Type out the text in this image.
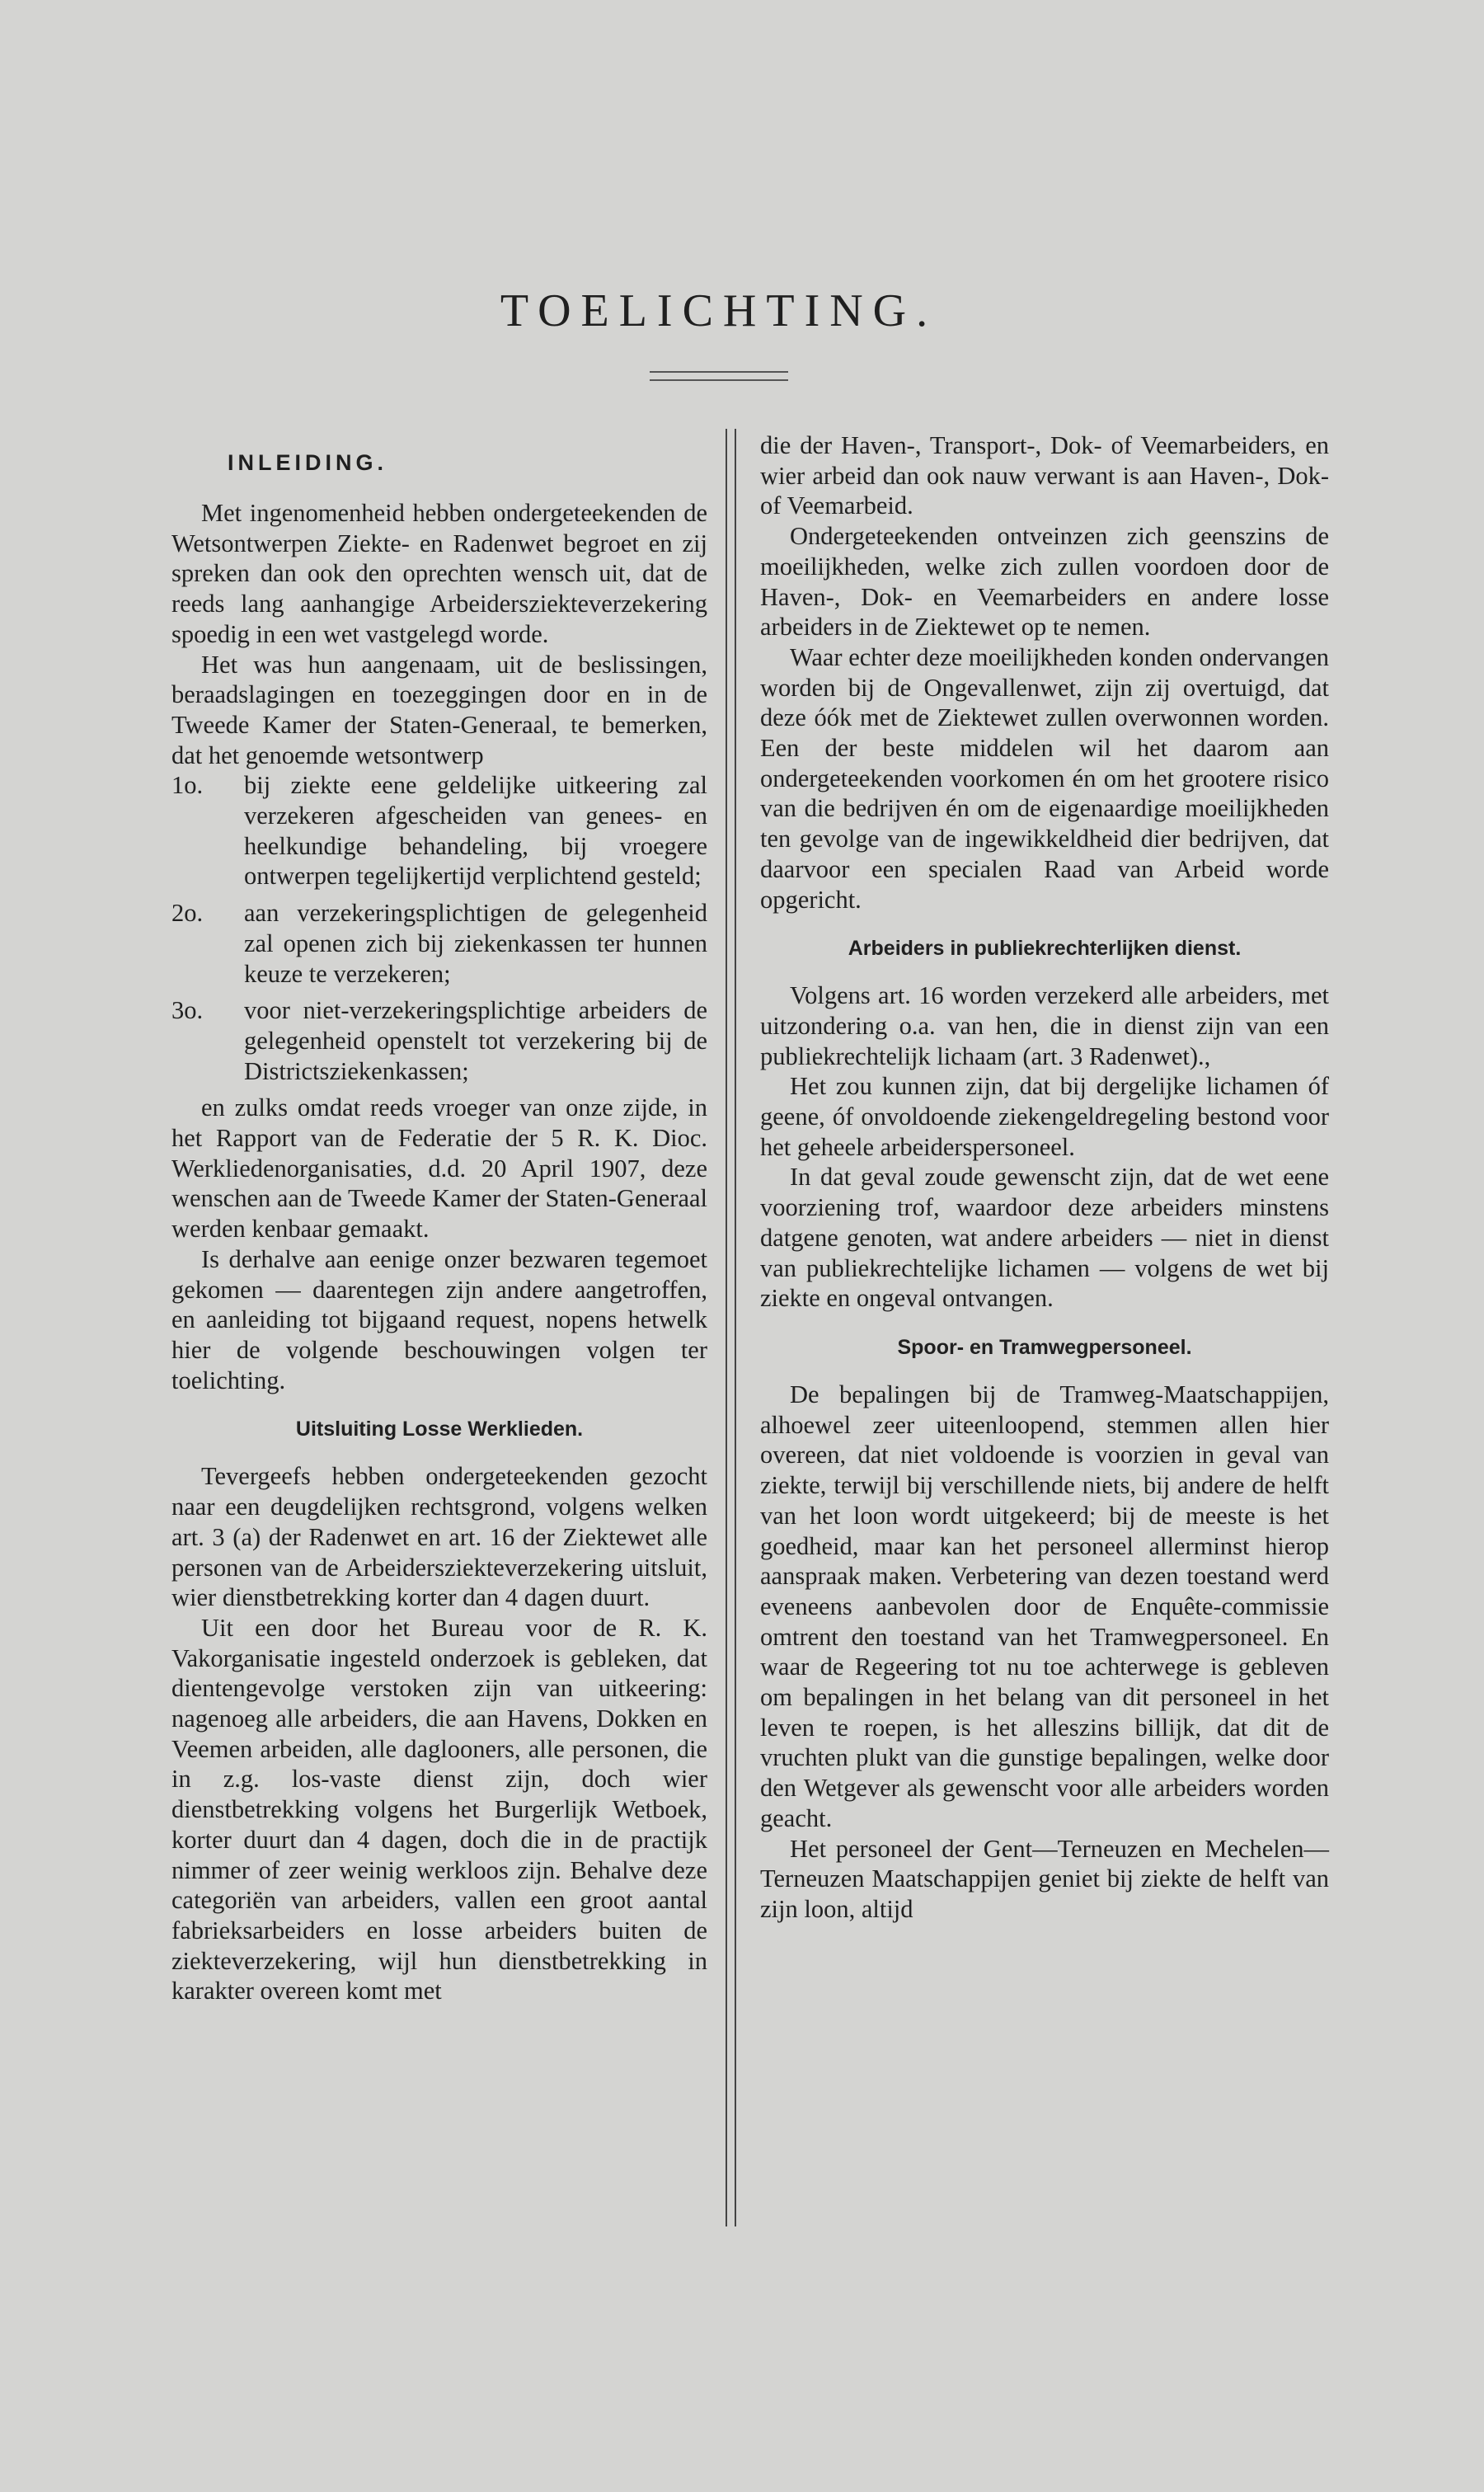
TOELICHTING.
INLEIDING.

Met ingenomenheid hebben ondergeteekenden de Wetsontwerpen Ziekte- en Radenwet begroet en zij spreken dan ook den oprechten wensch uit, dat de reeds lang aanhangige Arbeidersziekteverzekering spoedig in een wet vastgelegd worde.

Het was hun aangenaam, uit de beslissingen, beraadslagingen en toezeggingen door en in de Tweede Kamer der Staten-Generaal, te bemerken, dat het genoemde wetsontwerp

1o.	bij ziekte eene geldelijke uitkeering zal verzekeren afgescheiden van genees- en heelkundige behandeling, bij vroegere ontwerpen tegelijkertijd verplichtend gesteld;
2o.	aan verzekeringsplichtigen de gelegenheid zal openen zich bij ziekenkassen ter hunnen keuze te verzekeren;
3o.	voor niet-verzekeringsplichtige arbeiders de gelegenheid openstelt tot verzekering bij de Districtsziekenkassen;

en zulks omdat reeds vroeger van onze zijde, in het Rapport van de Federatie der 5 R. K. Dioc. Werkliedenorganisaties, d.d. 20 April 1907, deze wenschen aan de Tweede Kamer der Staten-Generaal werden kenbaar gemaakt.

Is derhalve aan eenige onzer bezwaren tegemoet gekomen — daarentegen zijn andere aangetroffen, en aanleiding tot bijgaand request, nopens hetwelk hier de volgende beschouwingen volgen ter toelichting.

Uitsluiting Losse Werklieden.

Tevergeefs hebben ondergeteekenden gezocht naar een deugdelijken rechtsgrond, volgens welken art. 3 (a) der Radenwet en art. 16 der Ziektewet alle personen van de Arbeidersziekteverzekering uitsluit, wier dienstbetrekking korter dan 4 dagen duurt.

Uit een door het Bureau voor de R. K. Vakorganisatie ingesteld onderzoek is gebleken, dat dientengevolge verstoken zijn van uitkeering: nagenoeg alle arbeiders, die aan Havens, Dokken en Veemen arbeiden, alle daglooners, alle personen, die in z.g. los-vaste dienst zijn, doch wier dienstbetrekking volgens het Burgerlijk Wetboek, korter duurt dan 4 dagen, doch die in de practijk nimmer of zeer weinig werkloos zijn. Behalve deze categoriën van arbeiders, vallen een groot aantal fabrieksarbeiders en losse arbeiders buiten de ziekteverzekering, wijl hun dienstbetrekking in karakter overeen komt met

die der Haven-, Transport-, Dok- of Veemarbeiders, en wier arbeid dan ook nauw verwant is aan Haven-, Dok- of Veemarbeid.

Ondergeteekenden ontveinzen zich geenszins de moeilijkheden, welke zich zullen voordoen door de Haven-, Dok- en Veemarbeiders en andere losse arbeiders in de Ziektewet op te nemen.

Waar echter deze moeilijkheden konden ondervangen worden bij de Ongevallenwet, zijn zij overtuigd, dat deze óók met de Ziektewet zullen overwonnen worden. Een der beste middelen wil het daarom aan ondergeteekenden voorkomen én om het grootere risico van die bedrijven én om de eigenaardige moeilijkheden ten gevolge van de ingewikkeldheid dier bedrijven, dat daarvoor een specialen Raad van Arbeid worde opgericht.

Arbeiders in publiekrechterlijken dienst.

Volgens art. 16 worden verzekerd alle arbeiders, met uitzondering o.a. van hen, die in dienst zijn van een publiekrechtelijk lichaam (art. 3 Radenwet).,

Het zou kunnen zijn, dat bij dergelijke lichamen óf geene, óf onvoldoende ziekengeldregeling bestond voor het geheele arbeiderspersoneel.

In dat geval zoude gewenscht zijn, dat de wet eene voorziening trof, waardoor deze arbeiders minstens datgene genoten, wat andere arbeiders — niet in dienst van publiekrechtelijke lichamen — volgens de wet bij ziekte en ongeval ontvangen.

Spoor- en Tramwegpersoneel.

De bepalingen bij de Tramweg-Maatschappijen, alhoewel zeer uiteenloopend, stemmen allen hier overeen, dat niet voldoende is voorzien in geval van ziekte, terwijl bij verschillende niets, bij andere de helft van het loon wordt uitgekeerd; bij de meeste is het goedheid, maar kan het personeel allerminst hierop aanspraak maken. Verbetering van dezen toestand werd eveneens aanbevolen door de Enquête-commissie omtrent den toestand van het Tramwegpersoneel. En waar de Regeering tot nu toe achterwege is gebleven om bepalingen in het belang van dit personeel in het leven te roepen, is het alleszins billijk, dat dit de vruchten plukt van die gunstige bepalingen, welke door den Wetgever als gewenscht voor alle arbeiders worden geacht.

Het personeel der Gent—Terneuzen en Mechelen—Terneuzen Maatschappijen geniet bij ziekte de helft van zijn loon, altijd
